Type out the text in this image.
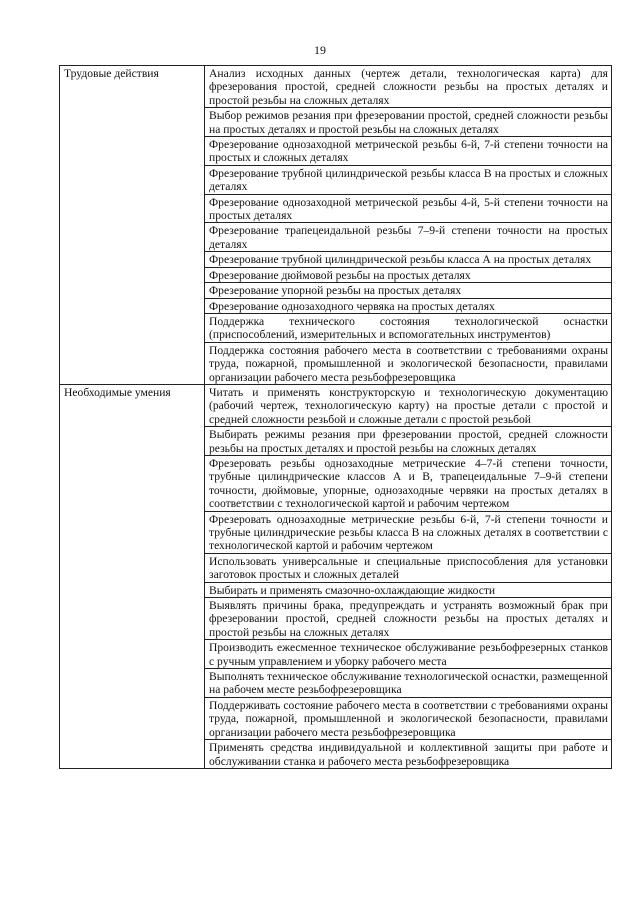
19
Трудовые действия	Анализ исходных данных (чертеж детали, технологическая карта) для фрезерования простой, средней сложности резьбы на простых деталях и простой резьбы на сложных деталях
	Выбор режимов резания при фрезеровании простой, средней сложности резьбы на простых деталях и простой резьбы на сложных деталях
	Фрезерование однозаходной метрической резьбы 6-й, 7-й степени точности на простых и сложных деталях
	Фрезерование трубной цилиндрической резьбы класса В на простых и сложных деталях
	Фрезерование однозаходной метрической резьбы 4-й, 5-й степени точности на простых деталях
	Фрезерование трапецеидальной резьбы 7–9-й степени точности на простых деталях
	Фрезерование трубной цилиндрической резьбы класса А на простых деталях
	Фрезерование дюймовой резьбы на простых деталях
	Фрезерование упорной резьбы на простых деталях
	Фрезерование однозаходного червяка на простых деталях
	Поддержка технического состояния технологической оснастки (приспособлений, измерительных и вспомогательных инструментов)
	Поддержка состояния рабочего места в соответствии с требованиями охраны труда, пожарной, промышленной и экологической безопасности, правилами организации рабочего места резьбофрезеровщика
Необходимые умения	Читать и применять конструкторскую и технологическую документацию (рабочий чертеж, технологическую карту) на простые детали с простой и средней сложности резьбой и сложные детали с простой резьбой
	Выбирать режимы резания при фрезеровании простой, средней сложности резьбы на простых деталях и простой резьбы на сложных деталях
	Фрезеровать резьбы однозаходные метрические 4–7-й степени точности, трубные цилиндрические классов А и В, трапецеидальные 7–9-й степени точности, дюймовые, упорные, однозаходные червяки на простых деталях в соответствии с технологической картой и рабочим чертежом
	Фрезеровать однозаходные метрические резьбы 6-й, 7-й степени точности и трубные цилиндрические резьбы класса В на сложных деталях в соответствии с технологической картой и рабочим чертежом
	Использовать универсальные и специальные приспособления для установки заготовок простых и сложных деталей
	Выбирать и применять смазочно-охлаждающие жидкости
	Выявлять причины брака, предупреждать и устранять возможный брак при фрезеровании простой, средней сложности резьбы на простых деталях и простой резьбы на сложных деталях
	Производить ежесменное техническое обслуживание резьбофрезерных станков с ручным управлением и уборку рабочего места
	Выполнять техническое обслуживание технологической оснастки, размещенной на рабочем месте резьбофрезеровщика
	Поддерживать состояние рабочего места в соответствии с требованиями охраны труда, пожарной, промышленной и экологической безопасности, правилами организации рабочего места резьбофрезеровщика
	Применять средства индивидуальной и коллективной защиты при работе и обслуживании станка и рабочего места резьбофрезеровщика
